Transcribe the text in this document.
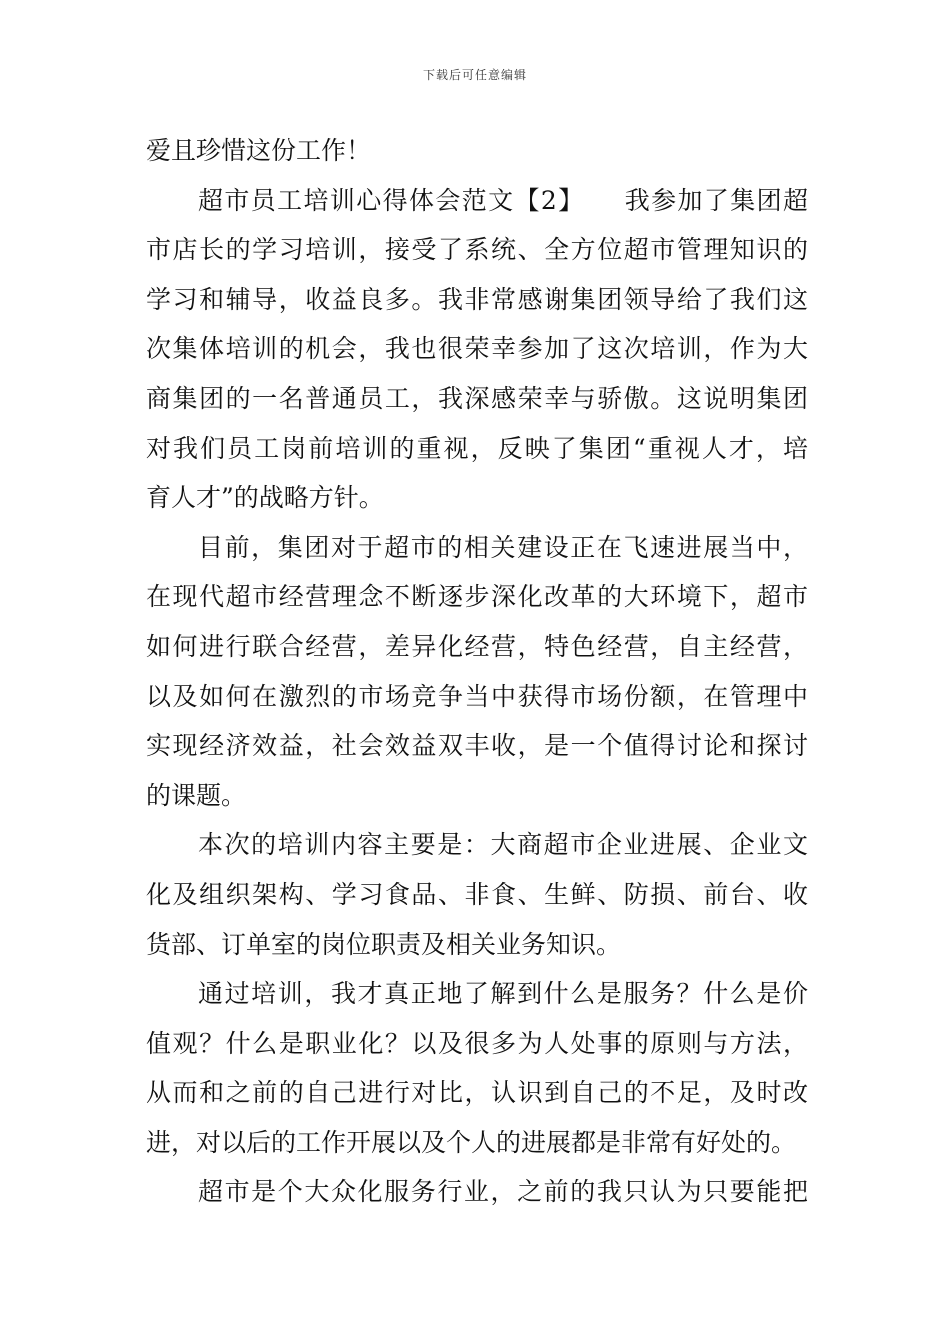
下载后可任意编辑
爱且珍惜这份工作！
超市员工培训心得体会范文【2】　　我参加了集团超
市店长的学习培训，接受了系统、全方位超市管理知识的
学习和辅导，收益良多。我非常感谢集团领导给了我们这
次集体培训的机会，我也很荣幸参加了这次培训，作为大
商集团的一名普通员工，我深感荣幸与骄傲。这说明集团
对我们员工岗前培训的重视，反映了集团“重视人才，培
育人才”的战略方针。
目前，集团对于超市的相关建设正在飞速进展当中，
在现代超市经营理念不断逐步深化改革的大环境下，超市
如何进行联合经营，差异化经营，特色经营，自主经营，
以及如何在激烈的市场竞争当中获得市场份额，在管理中
实现经济效益，社会效益双丰收，是一个值得讨论和探讨
的课题。
本次的培训内容主要是：大商超市企业进展、企业文
化及组织架构、学习食品、非食、生鲜、防损、前台、收
货部、订单室的岗位职责及相关业务知识。
通过培训，我才真正地了解到什么是服务？什么是价
值观？什么是职业化？以及很多为人处事的原则与方法，
从而和之前的自己进行对比，认识到自己的不足，及时改
进，对以后的工作开展以及个人的进展都是非常有好处的。
超市是个大众化服务行业，之前的我只认为只要能把
